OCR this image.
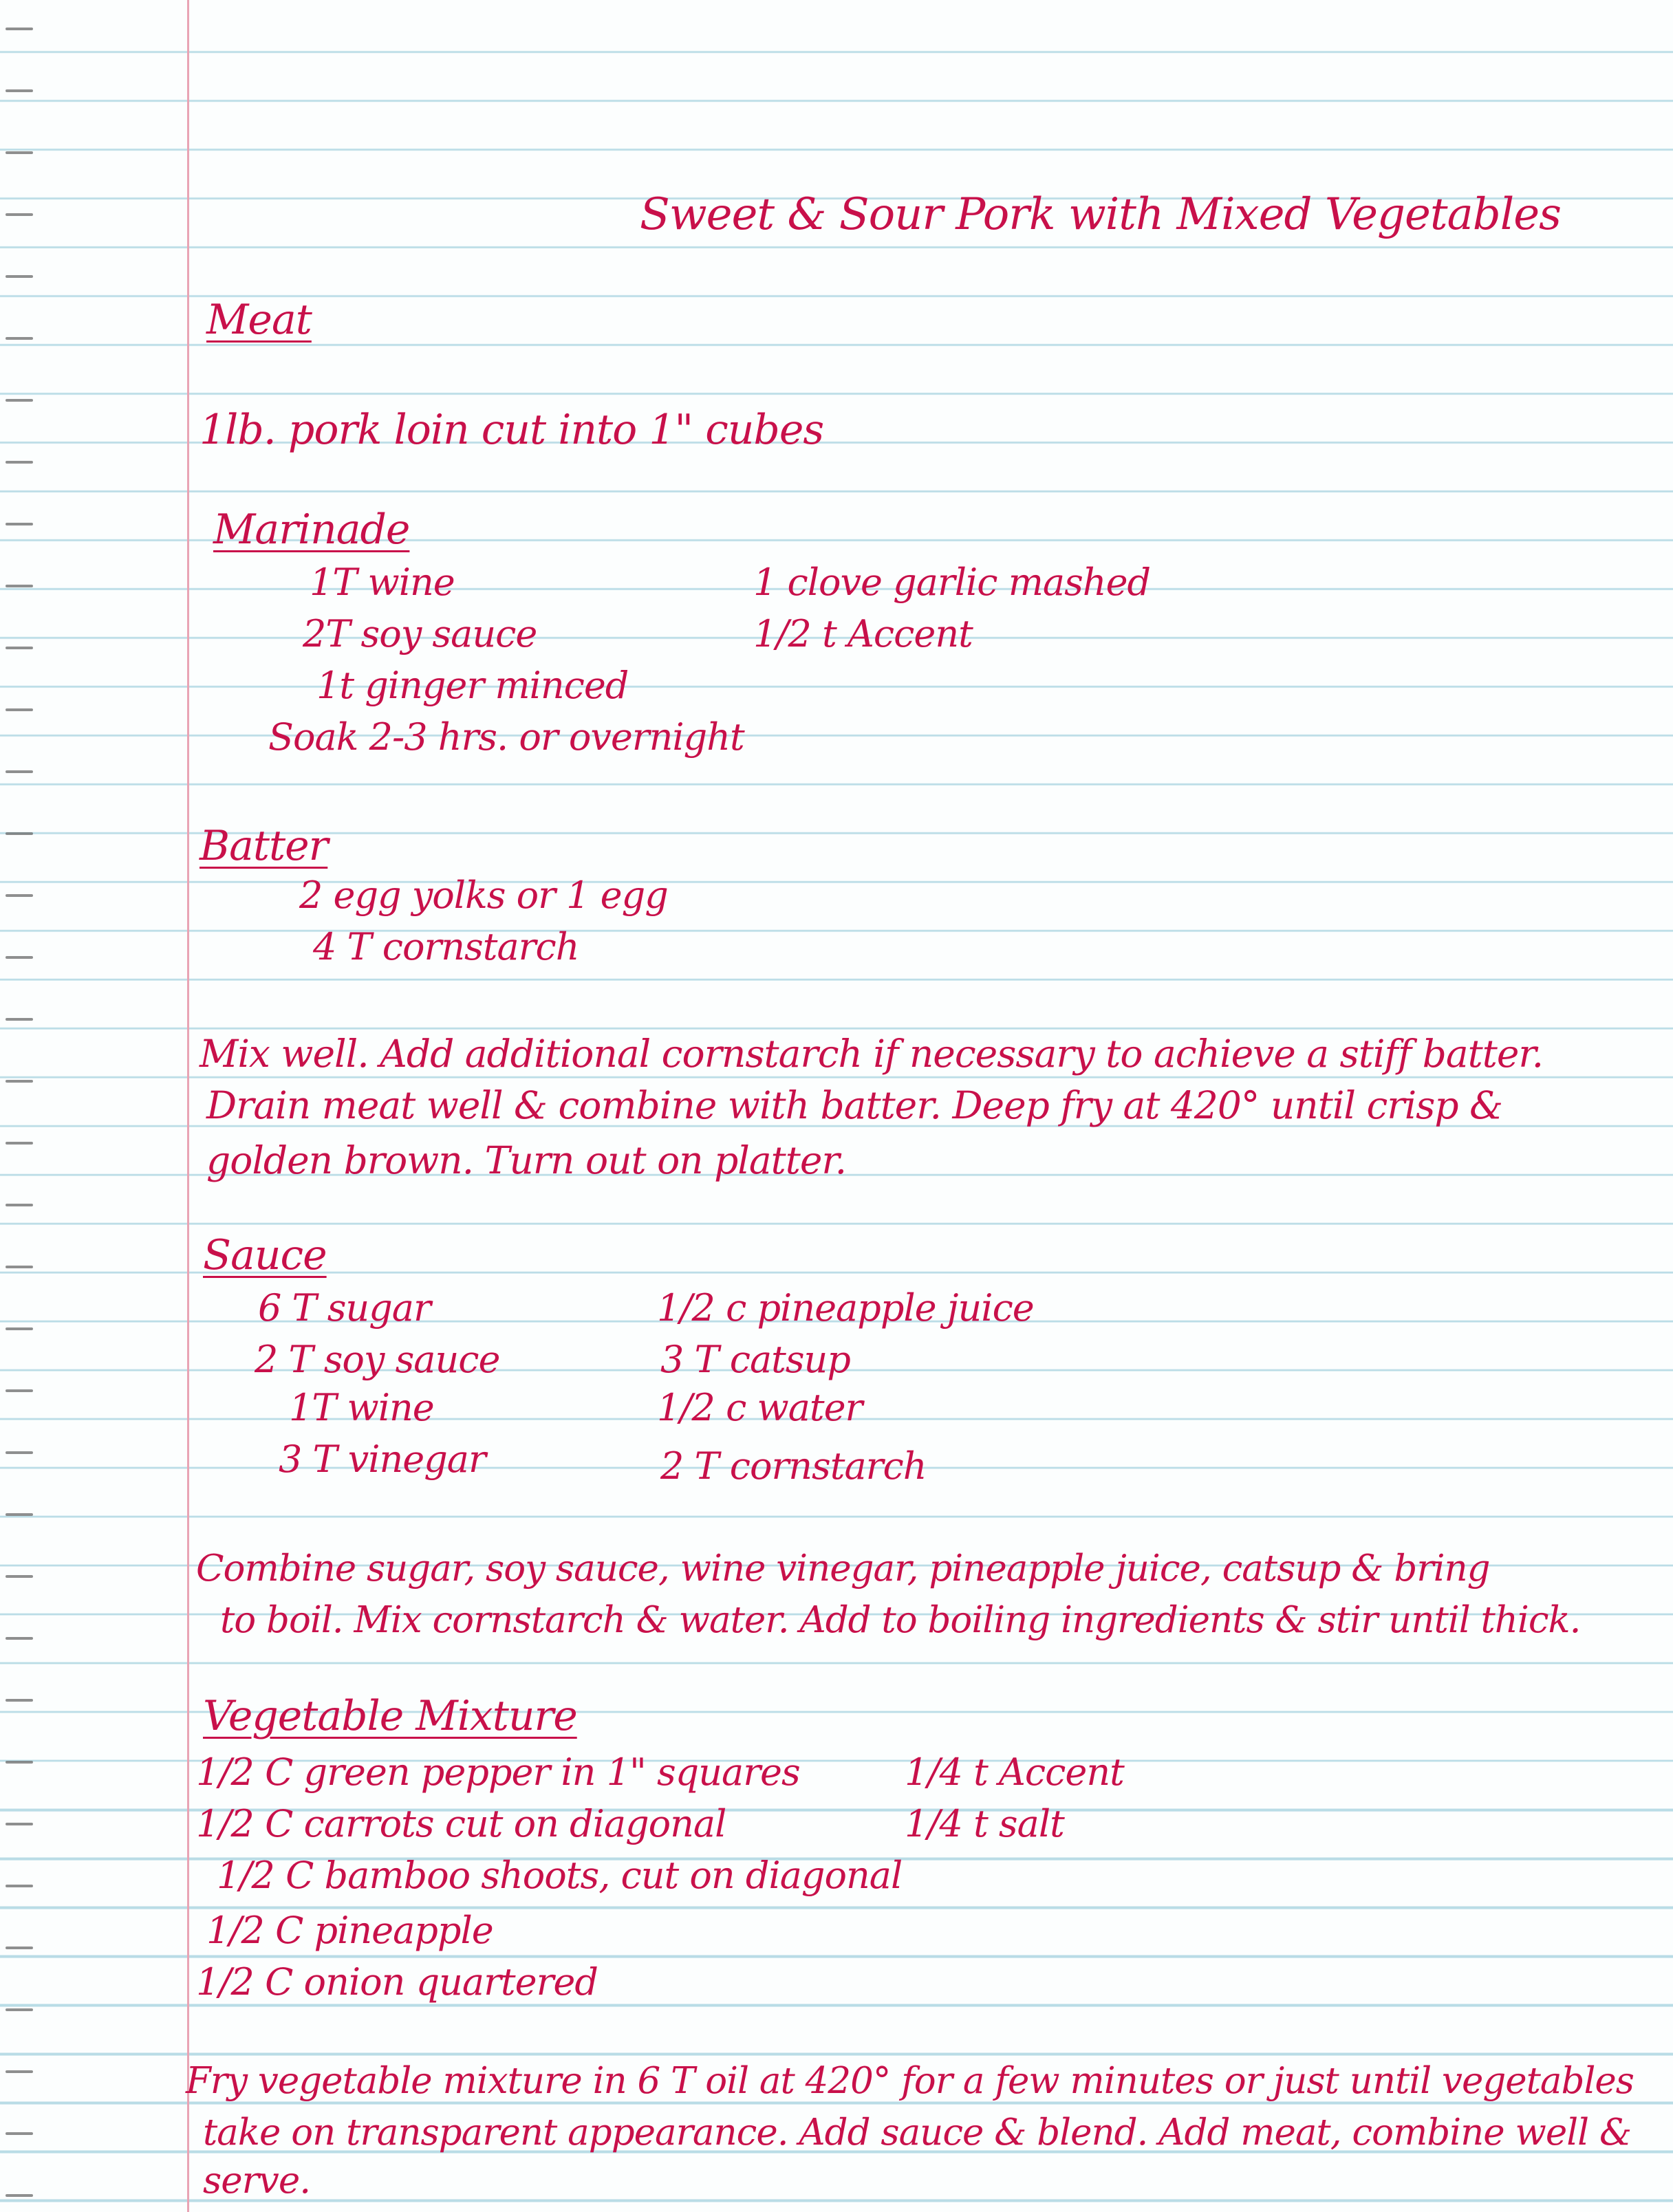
Sweet & Sour Pork with Mixed Vegetables
Meat
1lb. pork loin cut into 1" cubes
Marinade
1T wine
2T soy sauce
1t ginger minced
Soak 2-3 hrs. or overnight
1 clove garlic mashed
1/2 t Accent
Batter
2 egg yolks or 1 egg
4 T cornstarch
Mix well. Add additional cornstarch if necessary to achieve a stiff batter.
Drain meat well & combine with batter. Deep fry at 420° until crisp &
golden brown. Turn out on platter.
Sauce
6 T sugar
2 T soy sauce
1T wine
3 T vinegar
1/2 c pineapple juice
3 T catsup
1/2 c water
2 T cornstarch
Combine sugar, soy sauce, wine vinegar, pineapple juice, catsup & bring
to boil. Mix cornstarch & water. Add to boiling ingredients & stir until thick.
Vegetable Mixture
1/2 C green pepper in 1" squares
1/2 C carrots cut on diagonal
1/2 C bamboo shoots, cut on diagonal
1/2 C pineapple
1/2 C onion quartered
1/4 t Accent
1/4 t salt
Fry vegetable mixture in 6 T oil at 420° for a few minutes or just until vegetables
take on transparent appearance. Add sauce & blend. Add meat, combine well &
serve.
